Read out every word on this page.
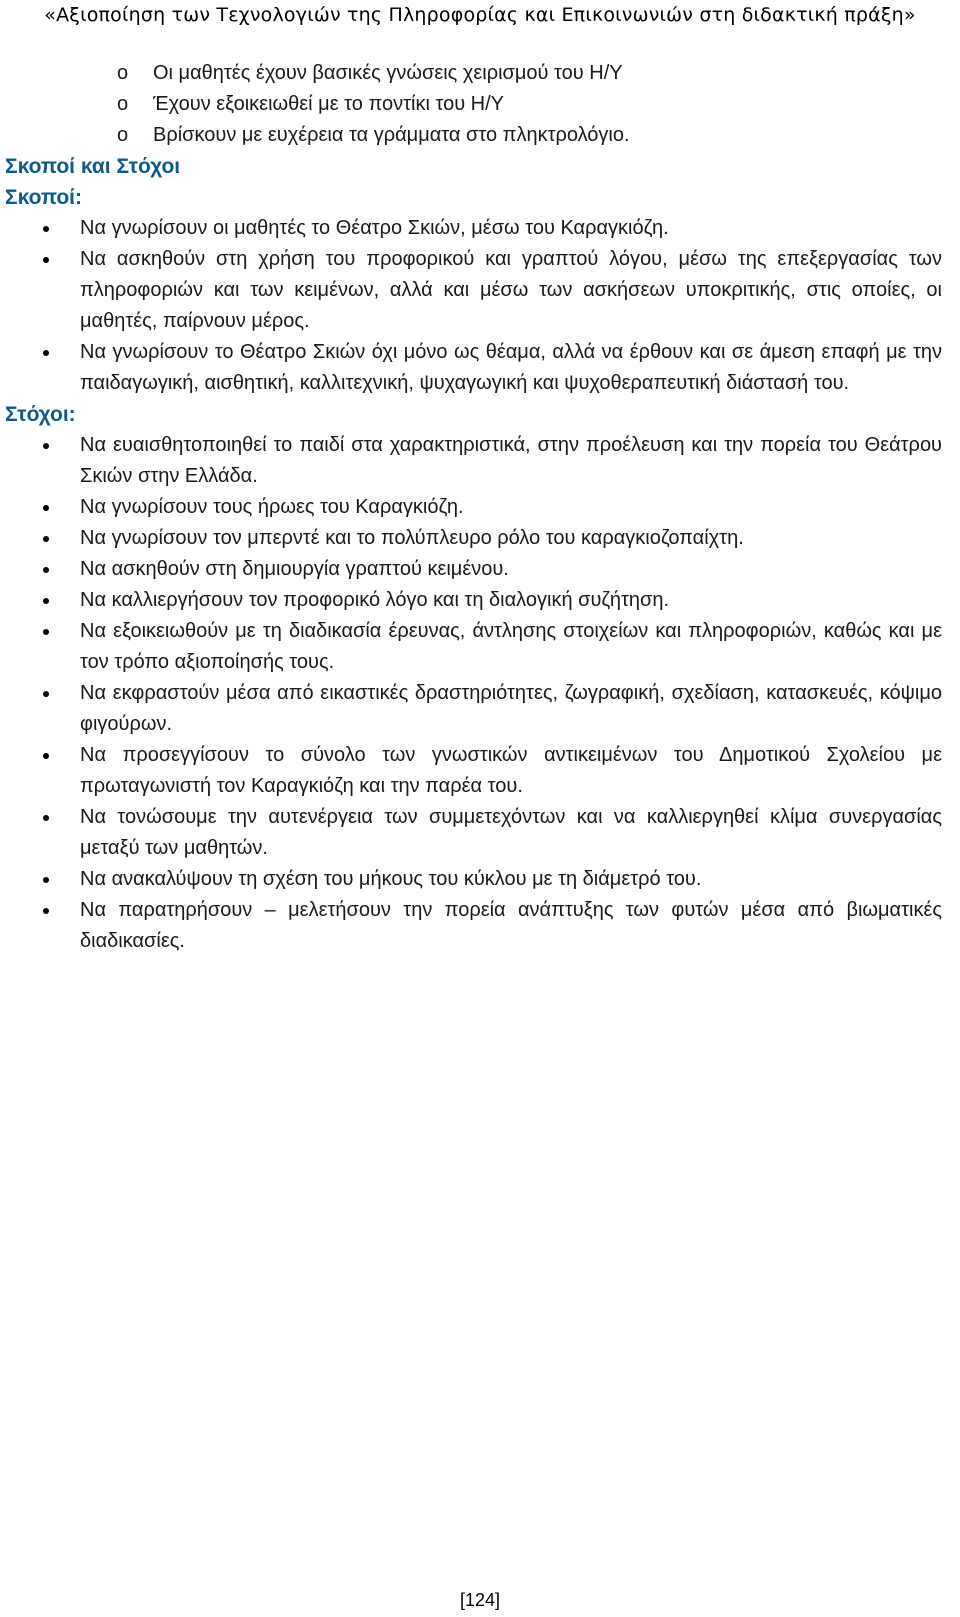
«Αξιοποίηση των Τεχνολογιών της Πληροφορίας και Επικοινωνιών στη διδακτική πράξη»
o Οι μαθητές έχουν βασικές γνώσεις χειρισμού του Η/Υ
o Έχουν εξοικειωθεί με το ποντίκι του Η/Υ
o Βρίσκουν με ευχέρεια τα γράμματα στο πληκτρολόγιο.

Σκοποί και Στόχοι

Σκοποί:

Να γνωρίσουν οι μαθητές το Θέατρο Σκιών, μέσω του Καραγκιόζη.
Να ασκηθούν στη χρήση του προφορικού και γραπτού λόγου, μέσω της επεξεργασίας των πληροφοριών και των κειμένων, αλλά και μέσω των ασκήσεων υποκριτικής, στις οποίες, οι μαθητές, παίρνουν μέρος.
Να γνωρίσουν το Θέατρο Σκιών όχι μόνο ως θέαμα, αλλά να έρθουν και σε άμεση επαφή με την παιδαγωγική, αισθητική, καλλιτεχνική, ψυχαγωγική και ψυχοθεραπευτική διάστασή του.

Στόχοι:

Να ευαισθητοποιηθεί το παιδί στα χαρακτηριστικά, στην προέλευση και την πορεία του Θεάτρου Σκιών στην Ελλάδα.
Να γνωρίσουν τους ήρωες του Καραγκιόζη.
Να γνωρίσουν τον μπερντέ και το πολύπλευρο ρόλο του καραγκιοζοπαίχτη.
Να ασκηθούν στη δημιουργία γραπτού κειμένου.
Να καλλιεργήσουν τον προφορικό λόγο και τη διαλογική συζήτηση.
Να εξοικειωθούν με τη διαδικασία έρευνας, άντλησης στοιχείων και πληροφοριών, καθώς και με τον τρόπο αξιοποίησής τους.
Να εκφραστούν μέσα από εικαστικές δραστηριότητες, ζωγραφική, σχεδίαση, κατασκευές, κόψιμο φιγούρων.
Να προσεγγίσουν το σύνολο των γνωστικών αντικειμένων του Δημοτικού Σχολείου με πρωταγωνιστή τον Καραγκιόζη και την παρέα του.
Να τονώσουμε την αυτενέργεια των συμμετεχόντων και να καλλιεργηθεί κλίμα συνεργασίας μεταξύ των μαθητών.
Να ανακαλύψουν τη σχέση του μήκους του κύκλου με τη διάμετρό του.
Να παρατηρήσουν – μελετήσουν την πορεία ανάπτυξης των φυτών μέσα από βιωματικές διαδικασίες.
[124]
